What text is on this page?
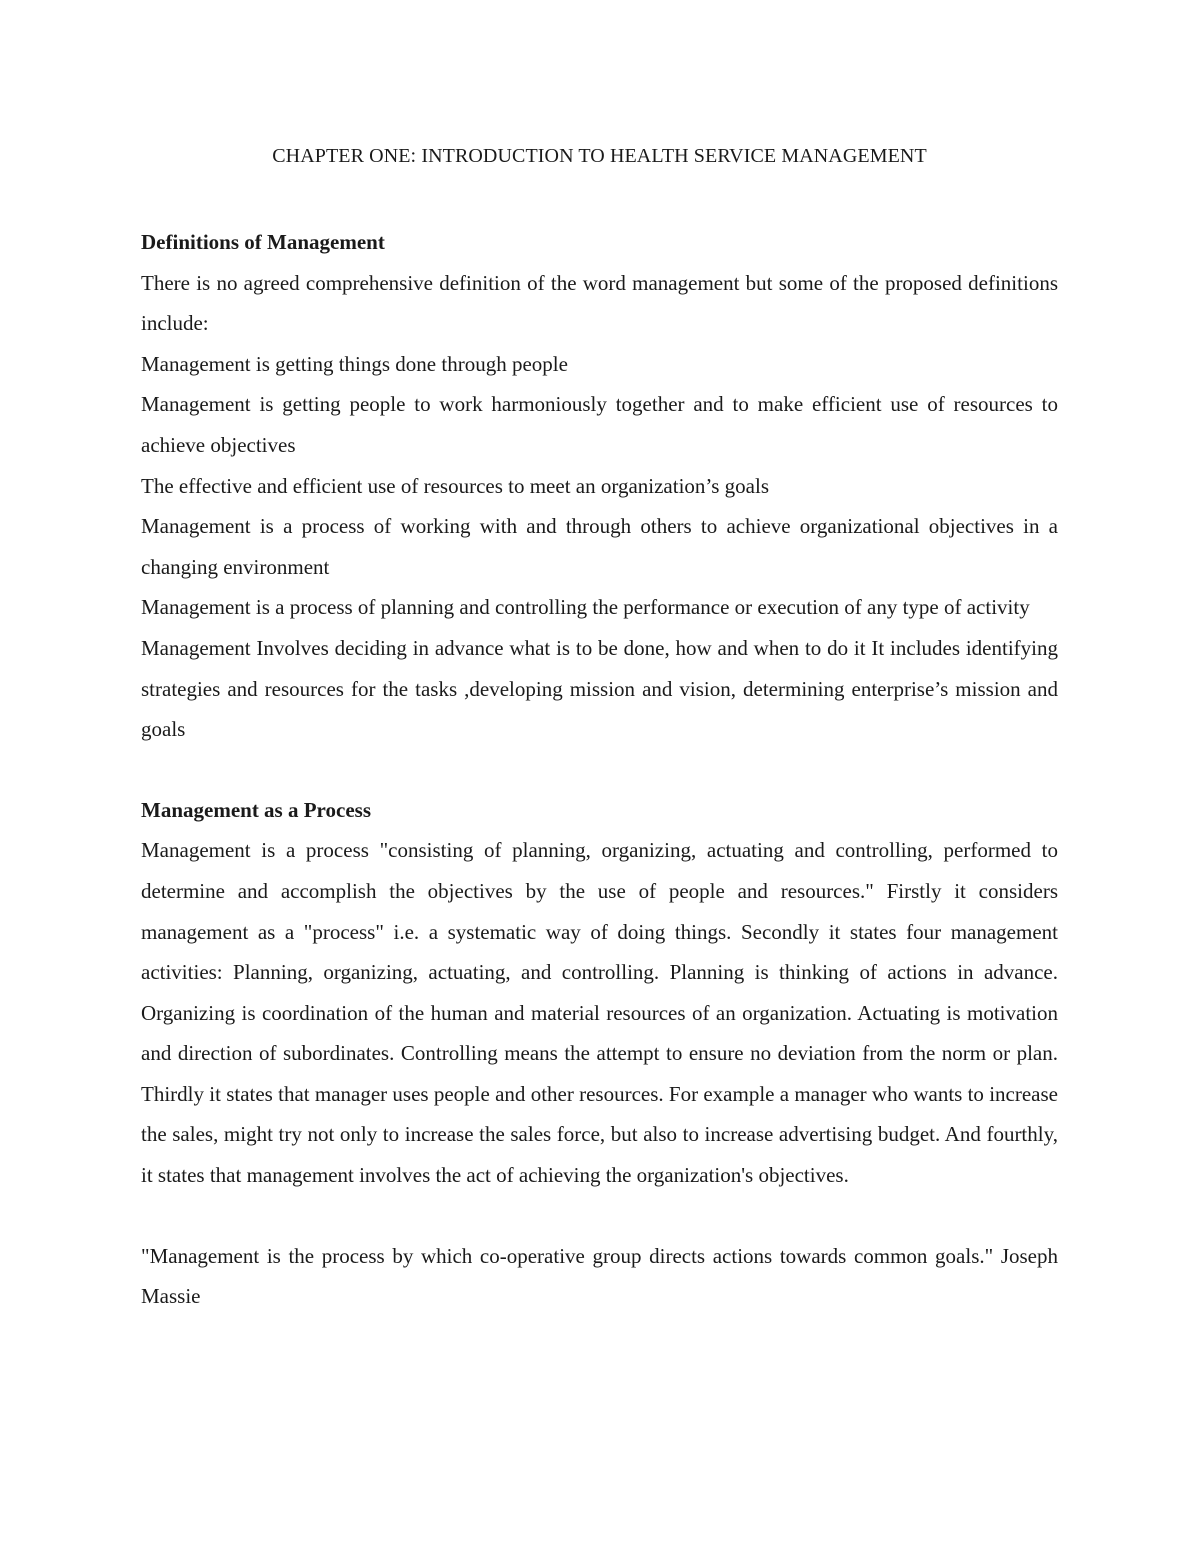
CHAPTER ONE: INTRODUCTION TO HEALTH SERVICE MANAGEMENT

Definitions of Management

There is no agreed comprehensive definition of the word management but some of the proposed definitions include:

Management is getting things done through people

Management is getting people to work harmoniously together and to make efficient use of resources to achieve objectives

The effective and efficient use of resources to meet an organization’s goals

Management is a process of working with and through others to achieve organizational objectives in a changing environment

Management is a process of planning and controlling the performance or execution of any type of activity

Management Involves deciding in advance what is to be done, how and when to do it It includes identifying strategies and resources for the tasks ,developing mission and vision, determining enterprise’s mission and goals

Management as a Process

Management is a process "consisting of planning, organizing, actuating and controlling, performed to determine and accomplish the objectives by the use of people and resources." Firstly it considers management as a "process" i.e. a systematic way of doing things. Secondly it states four management activities: Planning, organizing, actuating, and controlling. Planning is thinking of actions in advance. Organizing is coordination of the human and material resources of an organization. Actuating is motivation and direction of subordinates. Controlling means the attempt to ensure no deviation from the norm or plan. Thirdly it states that manager uses people and other resources. For example a manager who wants to increase the sales, might try not only to increase the sales force, but also to increase advertising budget. And fourthly, it states that management involves the act of achieving the organization's objectives.

"Management is the process by which co-operative group directs actions towards common goals." Joseph Massie
